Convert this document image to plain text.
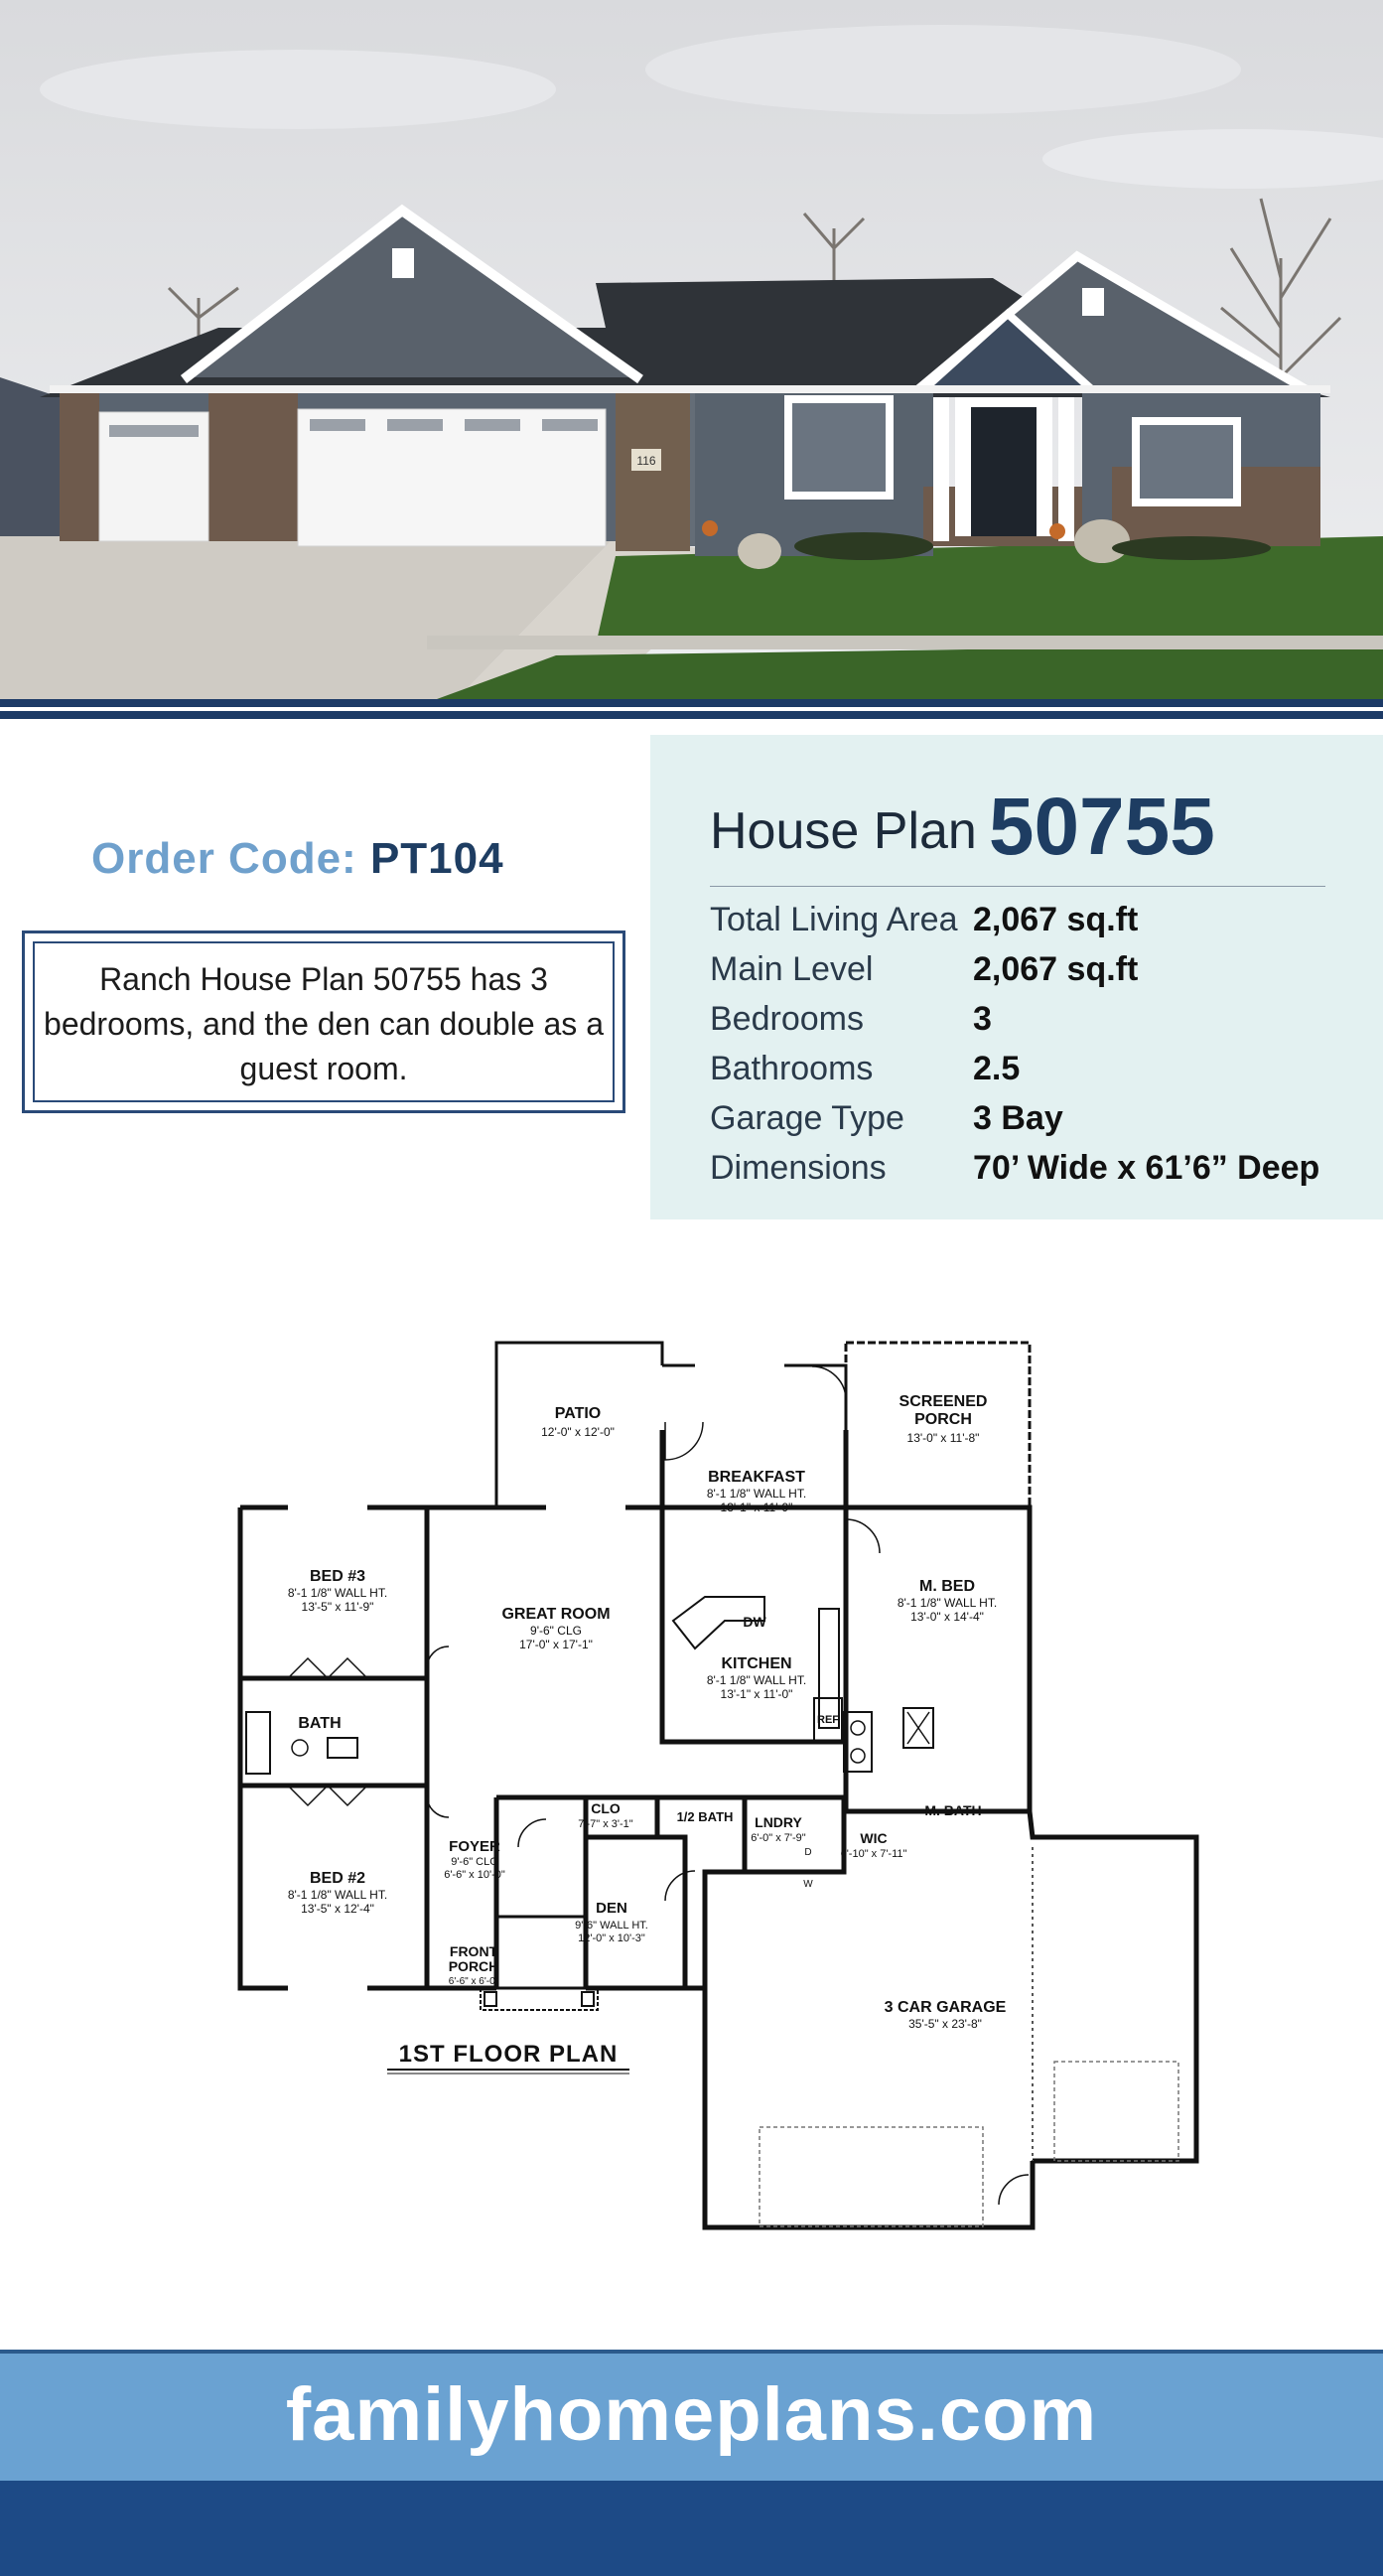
116
Order Code: PT104
Ranch House Plan 50755 has 3 bedrooms, and the den can double as a guest room.
House Plan 50755
Total Living Area 2,067 sq.ft
Main Level	2,067 sq.ft
Bedrooms	3
Bathrooms	2.5
Garage Type 3 Bay
Dimensions	70’ Wide x 61’6” Deep
PATIO
12'-0" x 12'-0"
SCREENED
PORCH
13'-0" x 11'-8"
BREAKFAST
8'-1 1/8" WALL HT.
13'-1" x 11'-9"
BED #3
8'-1 1/8" WALL HT.
13'-5" x 11'-9"	GREAT ROOM
9'-6" CLG
17'-0" x 17'-1"
DW
KITCHEN
8'-1 1/8" WALL HT.
13'-1" x 11'-0"
REF
M. BED
8'-1 1/8" WALL HT.
13'-0" x 14'-4"
BATH
BED #2
8'-1 1/8" WALL HT.
13'-5" x 12'-4"
FOYER
9'-6" CLG
6'-6" x 10'-0"
CLO
7'-7" x 3'-1"	1/2 BATH LNDRY
6'-0" x 7'-9"
D
W
WIC
6'-10" x 7'-11"
M. BATH
DEN
9'-6" WALL HT.
12'-0" x 10'-3"
FRONT
PORCH
6'-6" x 6'-0"
3 CAR GARAGE
35'-5" x 23'-8"
1ST FLOOR PLAN
familyhomeplans.com
